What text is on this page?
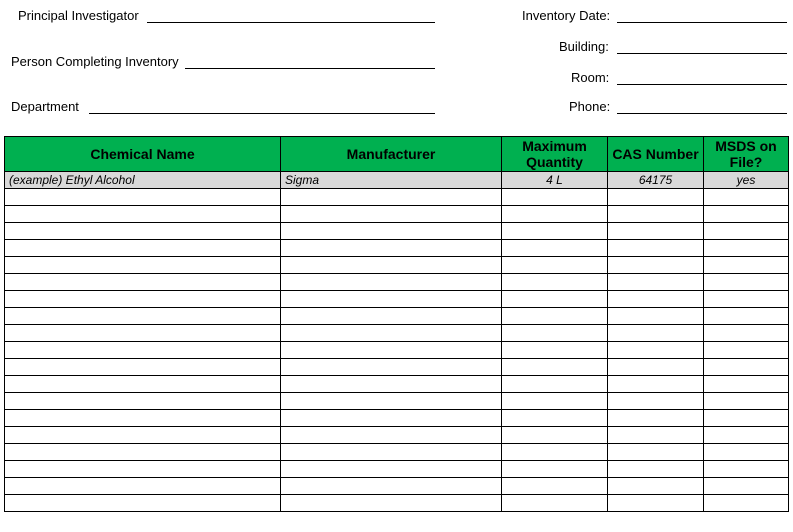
Principal Investigator
Person Completing Inventory
Department
Inventory Date:
Building:
Room:
Phone:
Chemical Name	Manufacturer	Maximum Quantity	CAS Number	MSDS on File?
(example) Ethyl Alcohol	Sigma	4 L	64175	yes
